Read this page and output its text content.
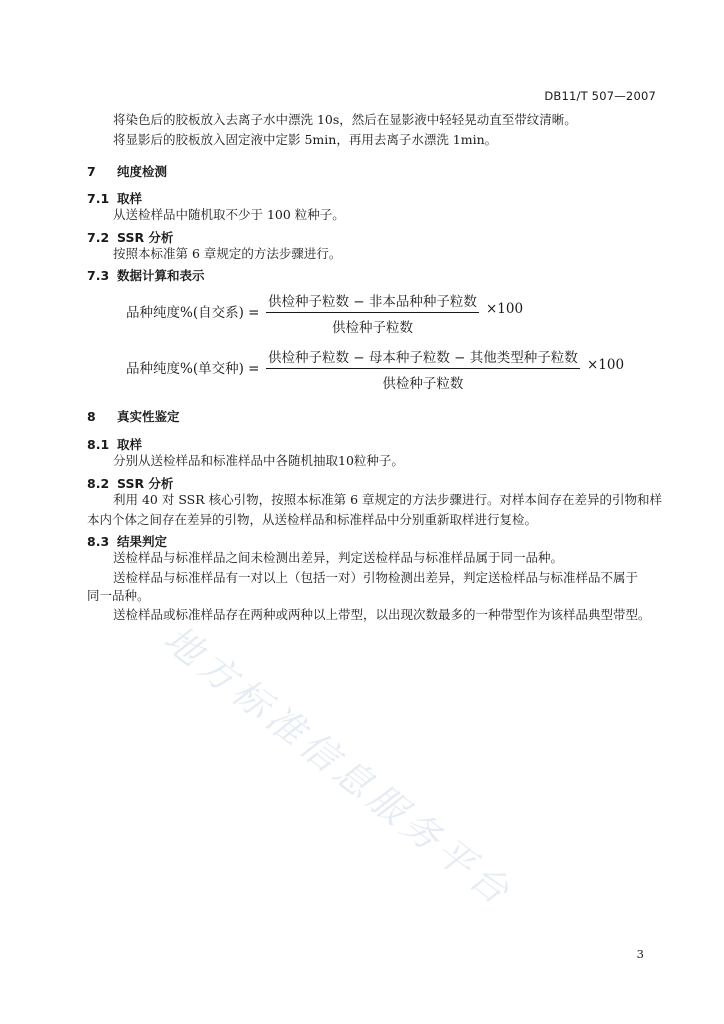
DB11/T 507—2007
将染色后的胶板放入去离子水中漂洗 10s，然后在显影液中轻轻晃动直至带纹清晰。
将显影后的胶板放入固定液中定影 5min，再用去离子水漂洗 1min。
7 纯度检测
7.1 取样
从送检样品中随机取不少于 100 粒种子。
7.2 SSR 分析
按照本标准第 6 章规定的方法步骤进行。
7.3 数据计算和表示
品种纯度%(自交系) =
供检种子粒数 − 非本品种种子粒数
供检种子粒数
×100
品种纯度%(单交种) =
供检种子粒数 − 母本种子粒数 − 其他类型种子粒数
供检种子粒数
×100
8 真实性鉴定
8.1 取样
分别从送检样品和标准样品中各随机抽取10粒种子。
8.2 SSR 分析
利用 40 对 SSR 核心引物，按照本标准第 6 章规定的方法步骤进行。对样本间存在差异的引物和样
本内个体之间存在差异的引物，从送检样品和标准样品中分别重新取样进行复检。
8.3 结果判定
送检样品与标准样品之间未检测出差异，判定送检样品与标准样品属于同一品种。
送检样品与标准样品有一对以上（包括一对）引物检测出差异，判定送检样品与标准样品不属于
同一品种。
送检样品或标准样品存在两种或两种以上带型，以出现次数最多的一种带型作为该样品典型带型。
地方标准信息服务平台
3
